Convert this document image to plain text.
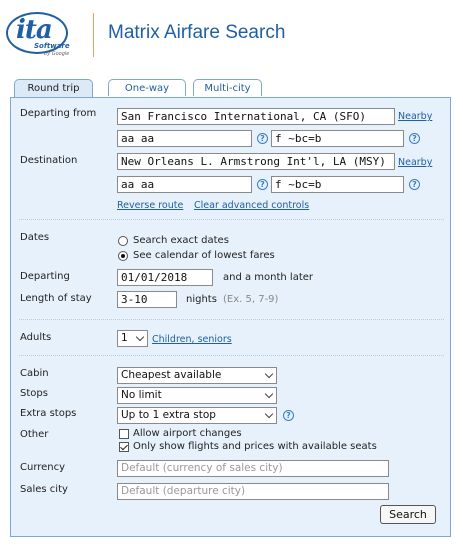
ita
Software
by Google
Matrix Airfare Search
Round trip	One-way	Multi-city
Departing from	San Francisco International, CA (SFO)	Nearby
aa aa	? f ~bc=b	?
Destination	New Orleans L. Armstrong Int'l, LA (MSY)	Nearby
aa aa	? f ~bc=b	?
Reverse route Clear advanced controls
Dates	Search exact dates
See calendar of lowest fares
Departing	01/01/2018	and a month later
Length of stay	3-10	nights (Ex. 5, 7-9)
Adults	1	Children, seniors
Cabin	Cheapest available
Stops	No limit
Extra stops	Up to 1 extra stop	?
Other	Allow airport changes
Only show flights and prices with available seats
Currency	Default (currency of sales city)
Sales city	Default (departure city)
Search
